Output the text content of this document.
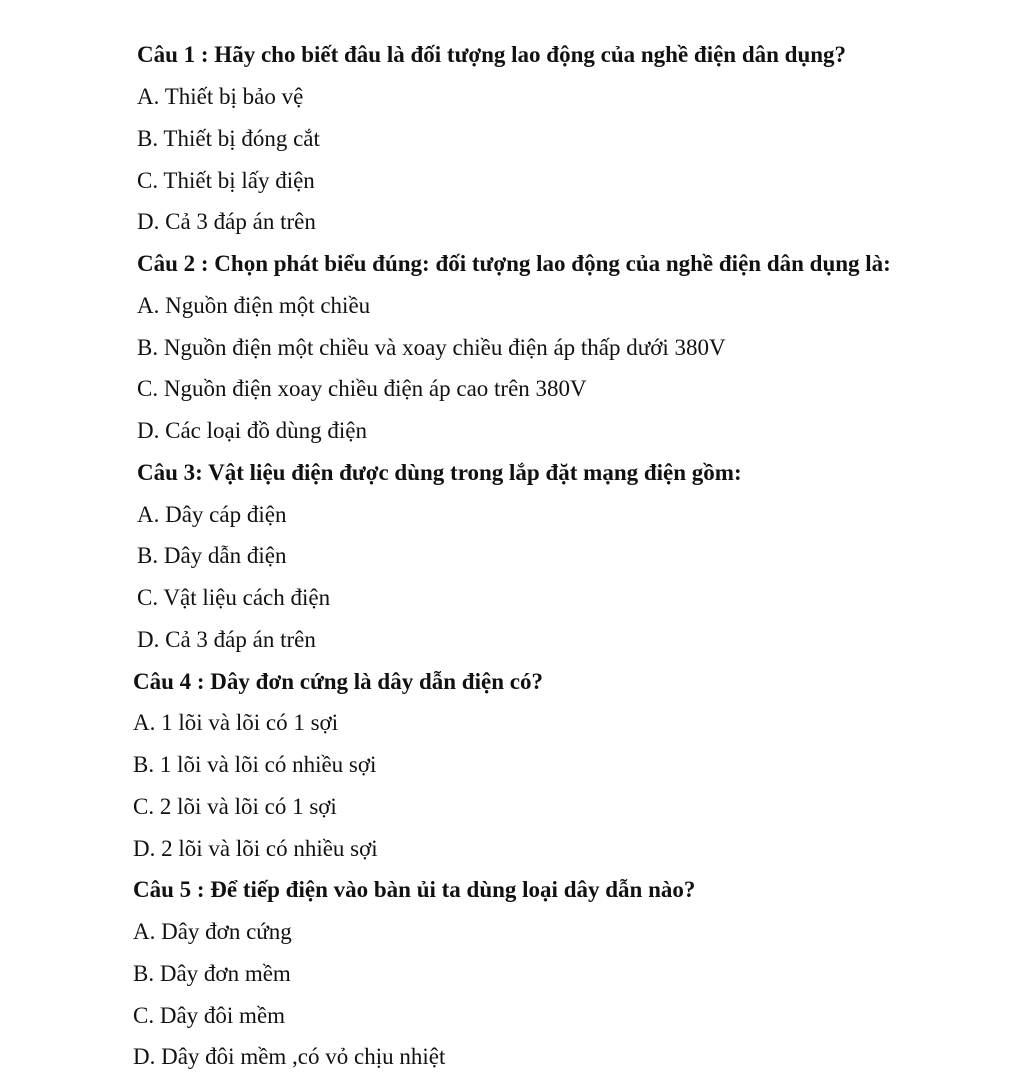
Câu 1 : Hãy cho biết đâu là đối tượng lao động của nghề điện dân dụng?
A. Thiết bị bảo vệ
B. Thiết bị đóng cắt
C. Thiết bị lấy điện
D. Cả 3 đáp án trên
Câu 2 : Chọn phát biểu đúng: đối tượng lao động của nghề điện dân dụng là:
A. Nguồn điện một chiều
B. Nguồn điện một chiều và xoay chiều điện áp thấp dưới 380V
C. Nguồn điện xoay chiều điện áp cao trên 380V
D. Các loại đồ dùng điện
Câu 3: Vật liệu điện được dùng trong lắp đặt mạng điện gồm:
A. Dây cáp điện
B. Dây dẫn điện
C. Vật liệu cách điện
D. Cả 3 đáp án trên
Câu 4 : Dây đơn cứng là dây dẫn điện có?
A. 1 lõi và lõi có 1 sợi
B. 1 lõi và lõi có nhiều sợi
C. 2 lõi và lõi có 1 sợi
D. 2 lõi và lõi có nhiều sợi
Câu 5 : Để tiếp điện vào bàn ủi ta dùng loại dây dẫn nào?
A. Dây đơn cứng
B. Dây đơn mềm
C. Dây đôi mềm
D. Dây đôi mềm ,có vỏ chịu nhiệt
